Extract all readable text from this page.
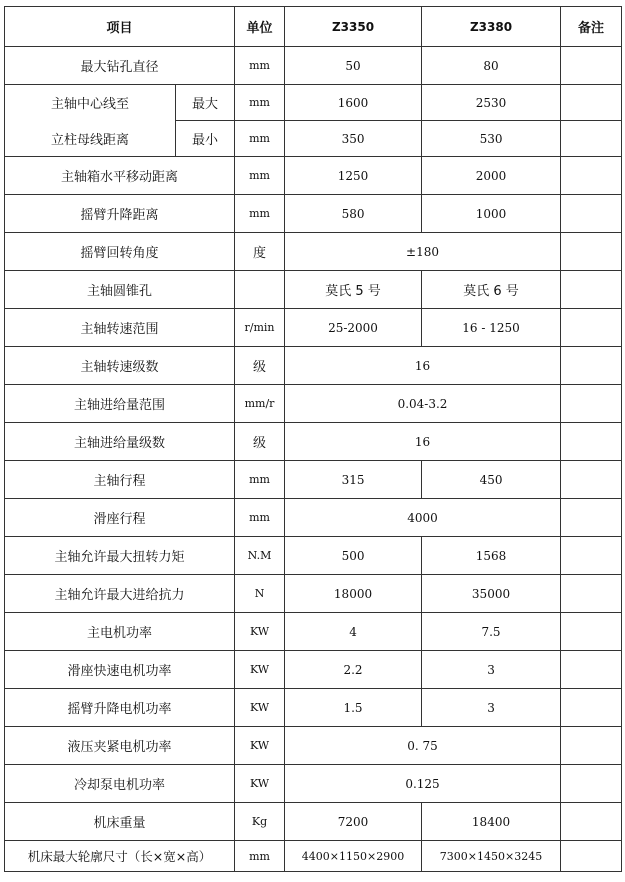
项目		单位	Z3350	Z3380	备注
最大钻孔直径		mm	50	80	
主轴中心线至	最大	mm	1600	2530	
立柱母线距离	最小	mm	350	530	
主轴箱水平移动距离		mm	1250	2000	
摇臂升降距离		mm	580	1000	
摇臂回转角度		度	±180		
主轴圆锥孔			莫氏 5 号	莫氏 6 号	
主轴转速范围		r/min	25-2000	16 - 1250	
主轴转速级数		级	16		
主轴进给量范围		mm/r	0.04-3.2		
主轴进给量级数		级	16		
主轴行程		mm	315	450	
滑座行程		mm	4000		
主轴允许最大扭转力矩		N.M	500	1568	
主轴允许最大进给抗力		N	18000	35000	
主电机功率		KW	4	7.5	
滑座快速电机功率		KW	2.2	3	
摇臂升降电机功率		KW	1.5	3	
液压夹紧电机功率		KW	0. 75		
冷却泵电机功率		KW	0.125		
机床重量		Kg	7200	18400	
机床最大轮廓尺寸（长×宽×高）		mm	4400×1150×2900	7300×1450×3245	
